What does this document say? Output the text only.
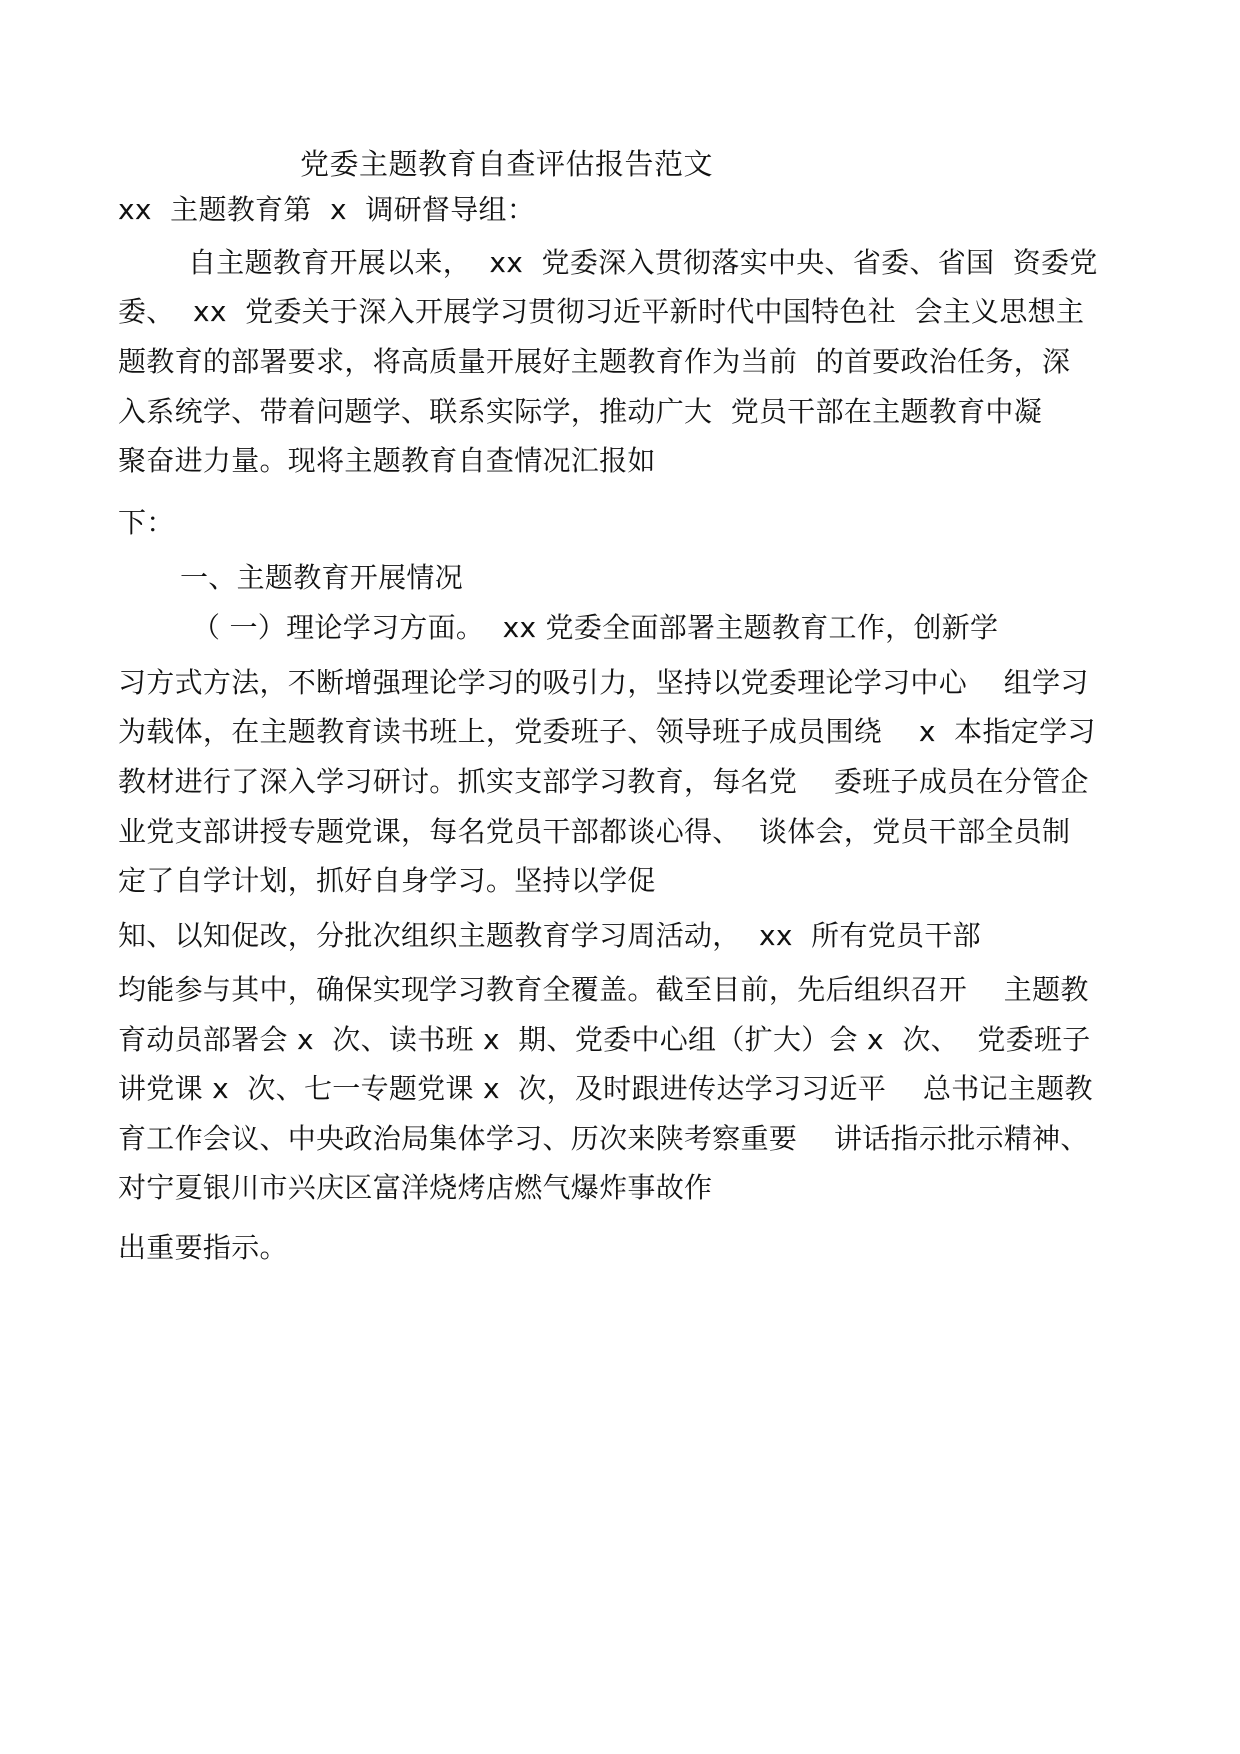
党委主题教育自查评估报告范文
xx  主题教育第  x  调研督导组：
自主题教育开展以来，  xx  党委深入贯彻落实中央、省委、省国  资委党
委、  xx  党委关于深入开展学习贯彻习近平新时代中国特色社  会主义思想主
题教育的部署要求，将高质量开展好主题教育作为当前  的首要政治任务，深
入系统学、带着问题学、联系实际学，推动广大  党员干部在主题教育中凝
聚奋进力量。现将主题教育自查情况汇报如
下：
一、主题教育开展情况
（ 一）理论学习方面。  xx 党委全面部署主题教育工作，创新学
习方式方法，不断增强理论学习的吸引力，坚持以党委理论学习中心    组学习
为载体，在主题教育读书班上，党委班子、领导班子成员围绕    x  本指定学习
教材进行了深入学习研讨。抓实支部学习教育，每名党    委班子成员在分管企
业党支部讲授专题党课，每名党员干部都谈心得、  谈体会，党员干部全员制
定了自学计划，抓好自身学习。坚持以学促
知、以知促改，分批次组织主题教育学习周活动，  xx  所有党员干部
均能参与其中，确保实现学习教育全覆盖。截至目前，先后组织召开    主题教
育动员部署会 x  次、读书班 x  期、党委中心组（扩大）会 x  次、  党委班子
讲党课 x  次、七一专题党课 x  次，及时跟进传达学习习近平    总书记主题教
育工作会议、中央政治局集体学习、历次来陕考察重要    讲话指示批示精神、
对宁夏银川市兴庆区富洋烧烤店燃气爆炸事故作
出重要指示。
